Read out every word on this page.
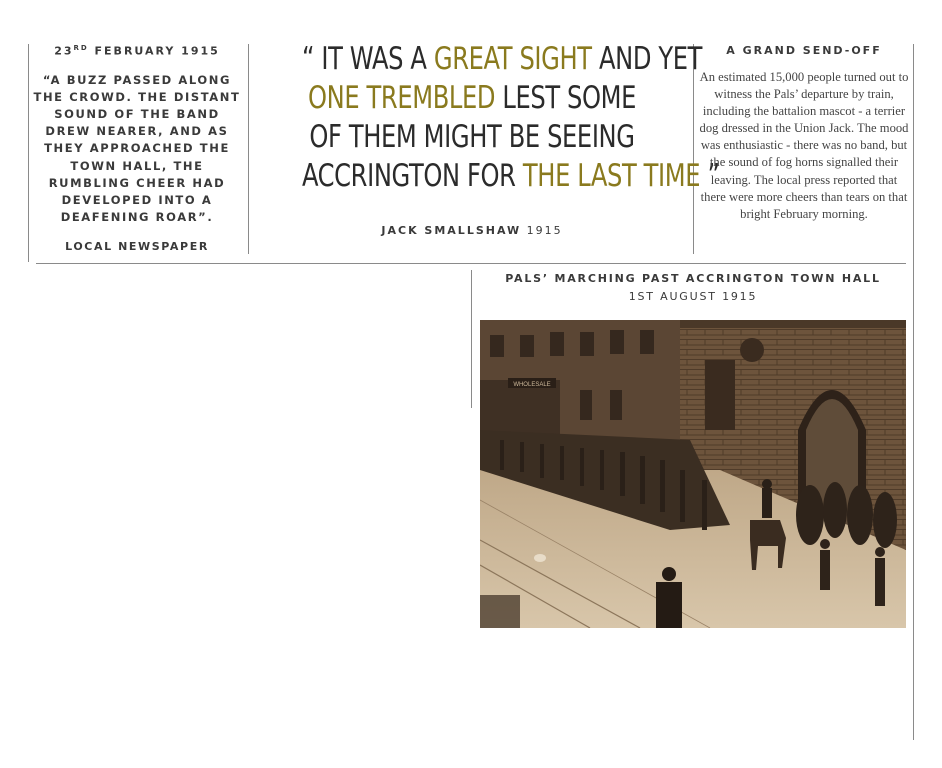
23RD FEBRUARY 1915
“A BUZZ PASSED ALONG THE CROWD. THE DISTANT SOUND OF THE BAND DREW NEARER, AND AS THEY APPROACHED THE TOWN HALL, THE RUMBLING CHEER HAD DEVELOPED INTO A DEAFENING ROAR”.
LOCAL NEWSPAPER
“ IT WAS A GREAT SIGHT AND YET
ONE TREMBLED LEST SOME
OF THEM MIGHT BE SEEING
ACCRINGTON FOR THE LAST TIME ”
JACK SMALLSHAW 1915
A GRAND SEND-OFF
An estimated 15,000 people turned out to witness the Pals’ departure by train, including the battalion mascot - a terrier dog dressed in the Union Jack. The mood was enthusiastic - there was no band, but the sound of fog horns signalled their leaving. The local press reported that there were more cheers than tears on that bright February morning.
PALS’ MARCHING PAST ACCRINGTON TOWN HALL
1ST AUGUST 1915
WHOLESALE
